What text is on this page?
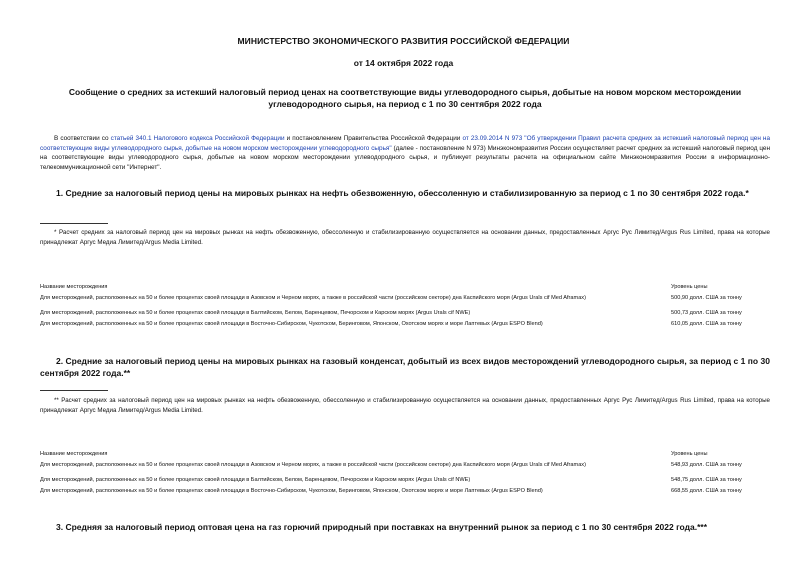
МИНИСТЕРСТВО ЭКОНОМИЧЕСКОГО РАЗВИТИЯ РОССИЙСКОЙ ФЕДЕРАЦИИ
от 14 октября 2022 года
Сообщение о средних за истекший налоговый период ценах на соответствующие виды углеводородного сырья, добытые на новом морском месторождении углеводородного сырья, на период с 1 по 30 сентября 2022 года
В соответствии со статьей 340.1 Налогового кодекса Российской Федерации и постановлением Правительства Российской Федерации от 23.09.2014 N 973 "Об утверждении Правил расчета средних за истекший налоговый период цен на соответствующие виды углеводородного сырья, добытые на новом морском месторождении углеводородного сырья" (далее - постановление N 973) Минэкономразвития России осуществляет расчет средних за истекший налоговый период цен на соответствующие виды углеводородного сырья, добытые на новом морском месторождении углеводородного сырья, и публикует результаты расчета на официальном сайте Минэкономразвития России в информационно-телекоммуникационной сети "Интернет".
1. Средние за налоговый период цены на мировых рынках на нефть обезвоженную, обессоленную и стабилизированную за период с 1 по 30 сентября 2022 года.*
* Расчет средних за налоговый период цен на мировых рынках на нефть обезвоженную, обессоленную и стабилизированную осуществляется на основании данных, предоставленных Аргус Рус Лимитед/Argus Rus Limited, права на которые принадлежат Аргус Медиа Лимитед/Argus Media Limited.
Название месторождения	Уровень цены
Для месторождений, расположенных на 50 и более процентах своей площади в Азовском и Черном морях, а также в российской части (российском секторе) дна Каспийского моря (Argus Urals cif Med Aframax)	500,90 долл. США за тонну
Для месторождений, расположенных на 50 и более процентах своей площади в Балтийском, Белом, Баренцевом, Печорском и Карском морях (Argus Urals cif NWE)	500,73 долл. США за тонну
Для месторождений, расположенных на 50 и более процентах своей площади в Восточно-Сибирском, Чукотском, Беринговом, Японском, Охотском морях и море Лаптевых (Argus ESPO Blend)	610,05 долл. США за тонну
2. Средние за налоговый период цены на мировых рынках на газовый конденсат, добытый из всех видов месторождений углеводородного сырья, за период с 1 по 30 сентября 2022 года.**
** Расчет средних за налоговый период цен на мировых рынках на нефть обезвоженную, обессоленную и стабилизированную осуществляется на основании данных, предоставленных Аргус Рус Лимитед/Argus Rus Limited, права на которые принадлежат Аргус Медиа Лимитед/Argus Media Limited.
Название месторождения	Уровень цены
Для месторождений, расположенных на 50 и более процентах своей площади в Азовском и Черном морях, а также в российской части (российском секторе) дна Каспийского моря (Argus Urals cif Med Aframax)	548,93 долл. США за тонну
Для месторождений, расположенных на 50 и более процентах своей площади в Балтийском, Белом, Баренцевом, Печорском и Карском морях (Argus Urals cif NWE)	548,75 долл. США за тонну
Для месторождений, расположенных на 50 и более процентах своей площади в Восточно-Сибирском, Чукотском, Беринговом, Японском, Охотском морях и море Лаптевых (Argus ESPO Blend)	668,55 долл. США за тонну
3. Средняя за налоговый период оптовая цена на газ горючий природный при поставках на внутренний рынок за период с 1 по 30 сентября 2022 года.***
